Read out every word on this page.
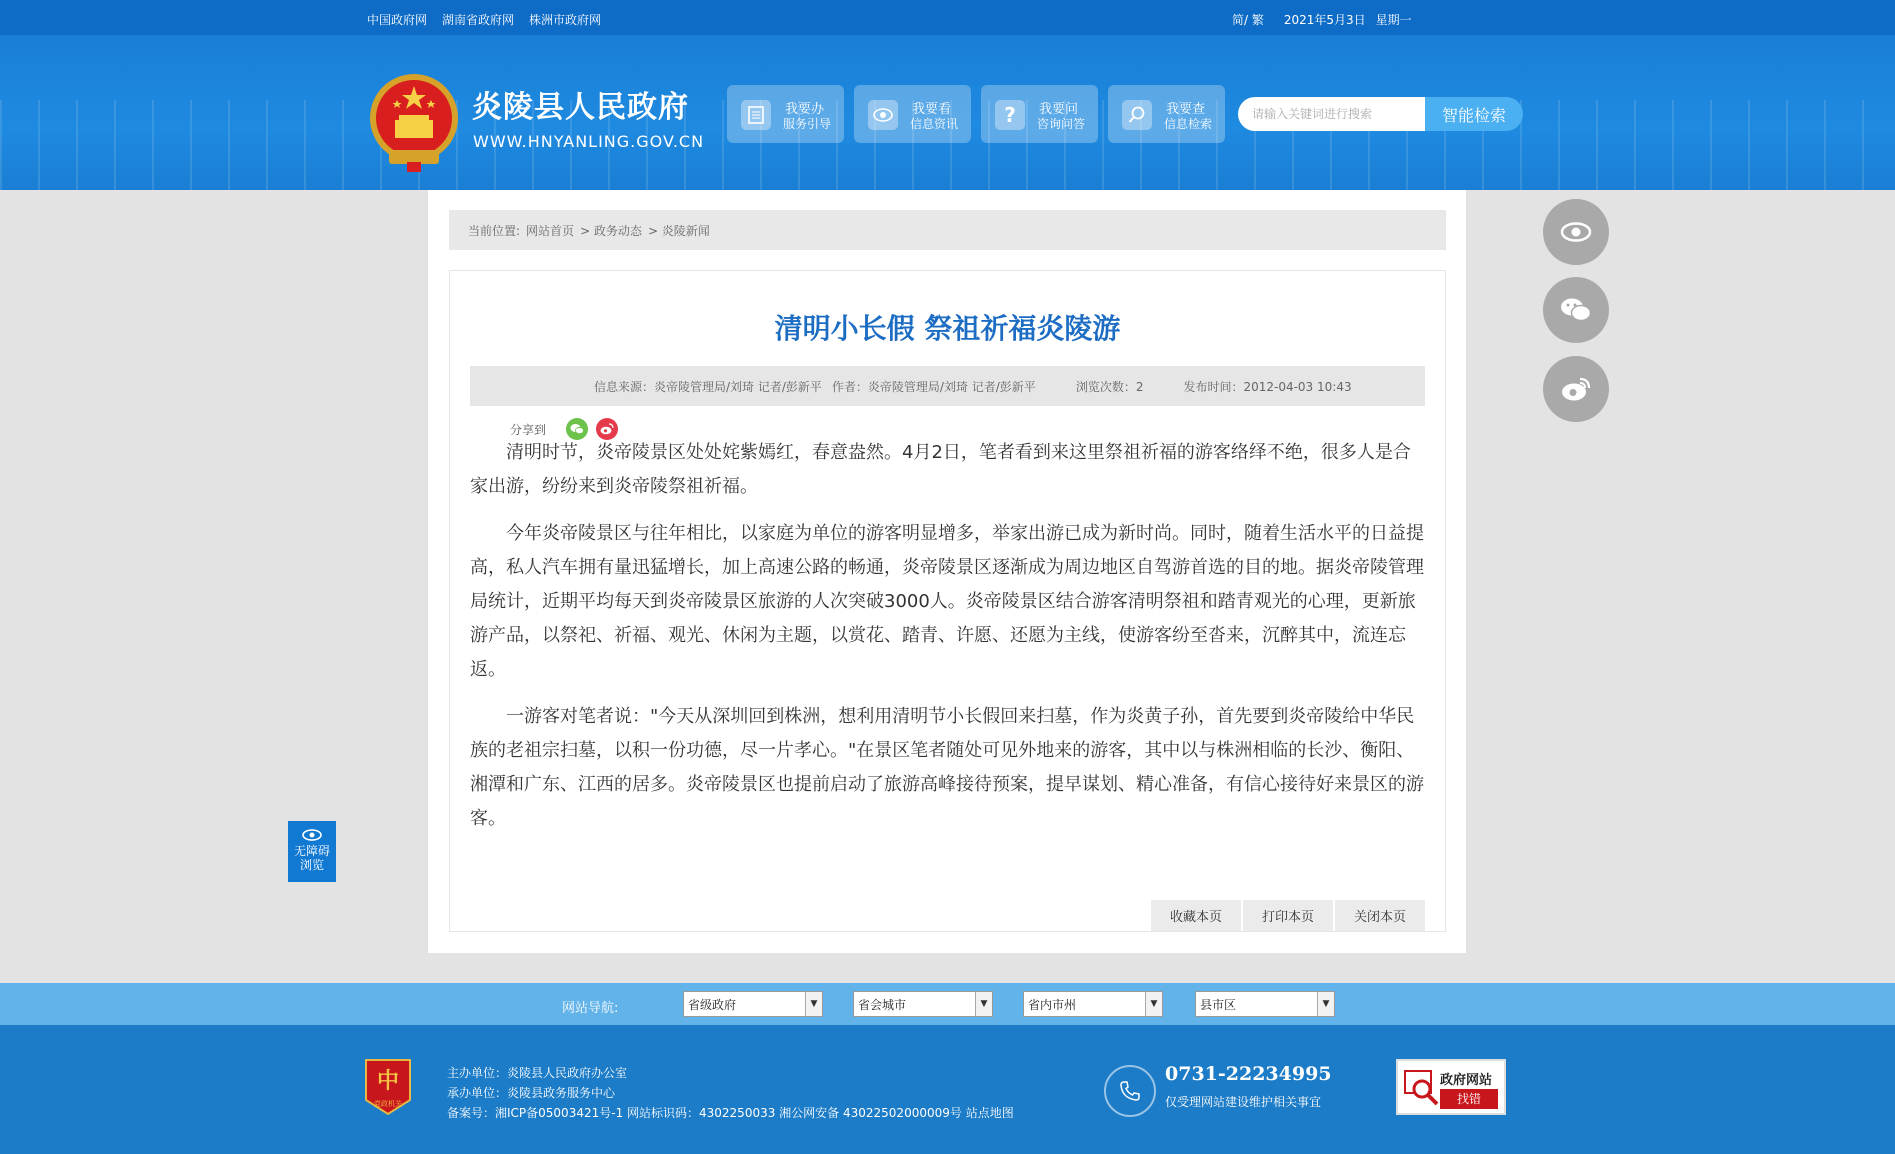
中国政府网 湖南省政府网 株洲市政府网	简/ 繁 2021年5月3日 星期一
炎陵县人民政府
WWW.HNYANLING.GOV.CN
我要办
服务引导
我要看
信息资讯 ? 我要问
咨询问答
我要查
信息检索
请输入关键词进行搜索	智能检索
当前位置: 网站首页 > 政务动态 > 炎陵新闻
清明小长假 祭祖祈福炎陵游
信息来源：炎帝陵管理局/刘琦 记者/彭新平 作者：炎帝陵管理局/刘琦 记者/彭新平	浏览次数：2	发布时间：2012-04-03 10:43
分享到

清明时节，炎帝陵景区处处姹紫嫣红，春意盎然。4月2日，笔者看到来这里祭祖祈福的游客络绎不绝，很多人是合家出游，纷纷来到炎帝陵祭祖祈福。

今年炎帝陵景区与往年相比，以家庭为单位的游客明显增多，举家出游已成为新时尚。同时，随着生活水平的日益提高，私人汽车拥有量迅猛增长，加上高速公路的畅通，炎帝陵景区逐渐成为周边地区自驾游首选的目的地。据炎帝陵管理局统计，近期平均每天到炎帝陵景区旅游的人次突破3000人。炎帝陵景区结合游客清明祭祖和踏青观光的心理，更新旅游产品，以祭祀、祈福、观光、休闲为主题，以赏花、踏青、许愿、还愿为主线，使游客纷至沓来，沉醉其中，流连忘返。

一游客对笔者说："今天从深圳回到株洲，想利用清明节小长假回来扫墓，作为炎黄子孙，首先要到炎帝陵给中华民族的老祖宗扫墓，以积一份功德，尽一片孝心。"在景区笔者随处可见外地来的游客，其中以与株洲相临的长沙、衡阳、湘潭和广东、江西的居多。炎帝陵景区也提前启动了旅游高峰接待预案，提早谋划、精心准备，有信心接待好来景区的游客。

收藏本页	打印本页	关闭本页
无障碍
浏览
网站导航:	省级政府	▼	省会城市	▼	省内市州	▼	县市区	▼
中
党政机关
主办单位：炎陵县人民政府办公室
承办单位：炎陵县政务服务中心
备案号：湘ICP备05003421号-1 网站标识码：4302250033 湘公网安备 43022502000009号 站点地图
0731-22234995
仅受理网站建设维护相关事宜
政府网站
找错
